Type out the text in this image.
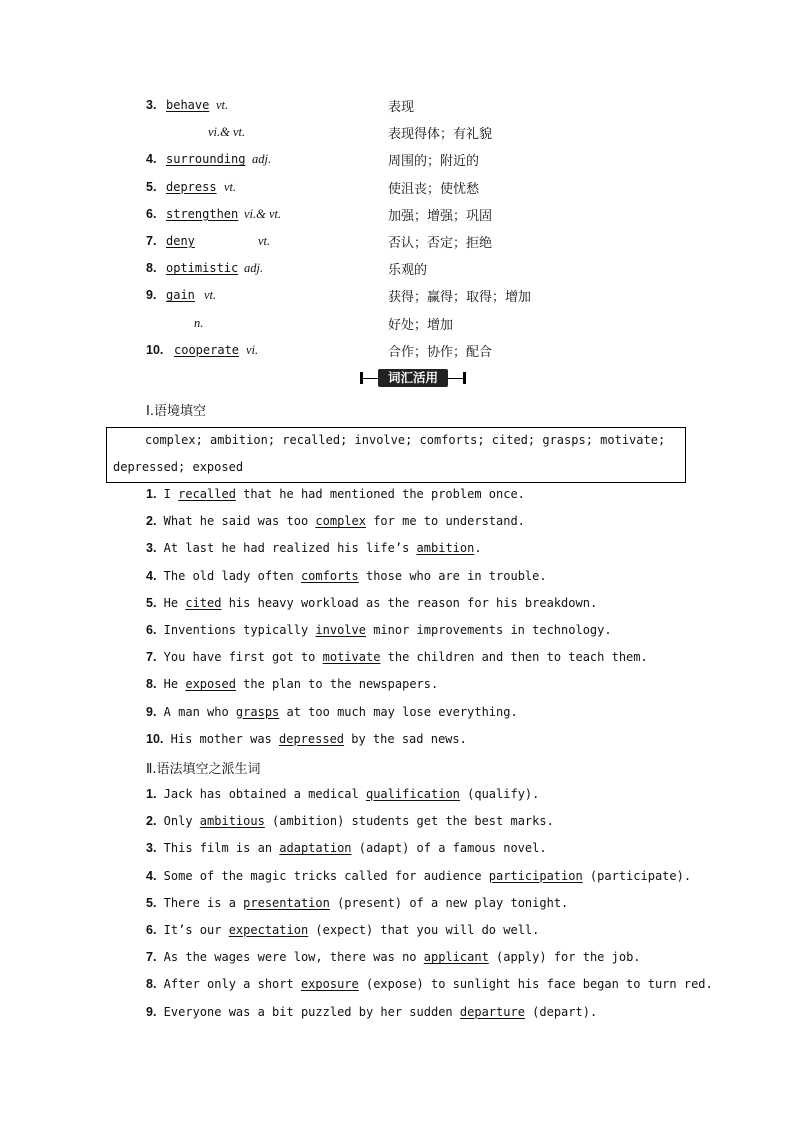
3. behave vt.	表现
vi.& vt.	表现得体；有礼貌
4. surrounding adj.	周围的；附近的
5. depress vt.	使沮丧；使忧愁
6. strengthen vi.& vt.	加强；增强；巩固
7. deny	vt.	否认；否定；拒绝
8. optimistic adj.	乐观的
9. gain vt.	获得；赢得；取得；增加
n.	好处；增加
10. cooperate vi.	合作；协作；配合
词汇活用
Ⅰ.语境填空
complex; ambition; recalled; involve; comforts; cited; grasps; motivate;
depressed; exposed
1. I recalled that he had mentioned the problem once.
2. What he said was too complex for me to understand.
3. At last he had realized his life’s ambition.
4. The old lady often comforts those who are in trouble.
5. He cited his heavy workload as the reason for his breakdown.
6. Inventions typically involve minor improvements in technology.
7. You have first got to motivate the children and then to teach them.
8. He exposed the plan to the newspapers.
9. A man who grasps at too much may lose everything.
10. His mother was depressed by the sad news.
Ⅱ.语法填空之派生词
1. Jack has obtained a medical qualification (qualify).
2. Only ambitious (ambition) students get the best marks.
3. This film is an adaptation (adapt) of a famous novel.
4. Some of the magic tricks called for audience participation (participate).
5. There is a presentation (present) of a new play tonight.
6. It’s our expectation (expect) that you will do well.
7. As the wages were low, there was no applicant (apply) for the job.
8. After only a short exposure (expose) to sunlight his face began to turn red.
9. Everyone was a bit puzzled by her sudden departure (depart).
